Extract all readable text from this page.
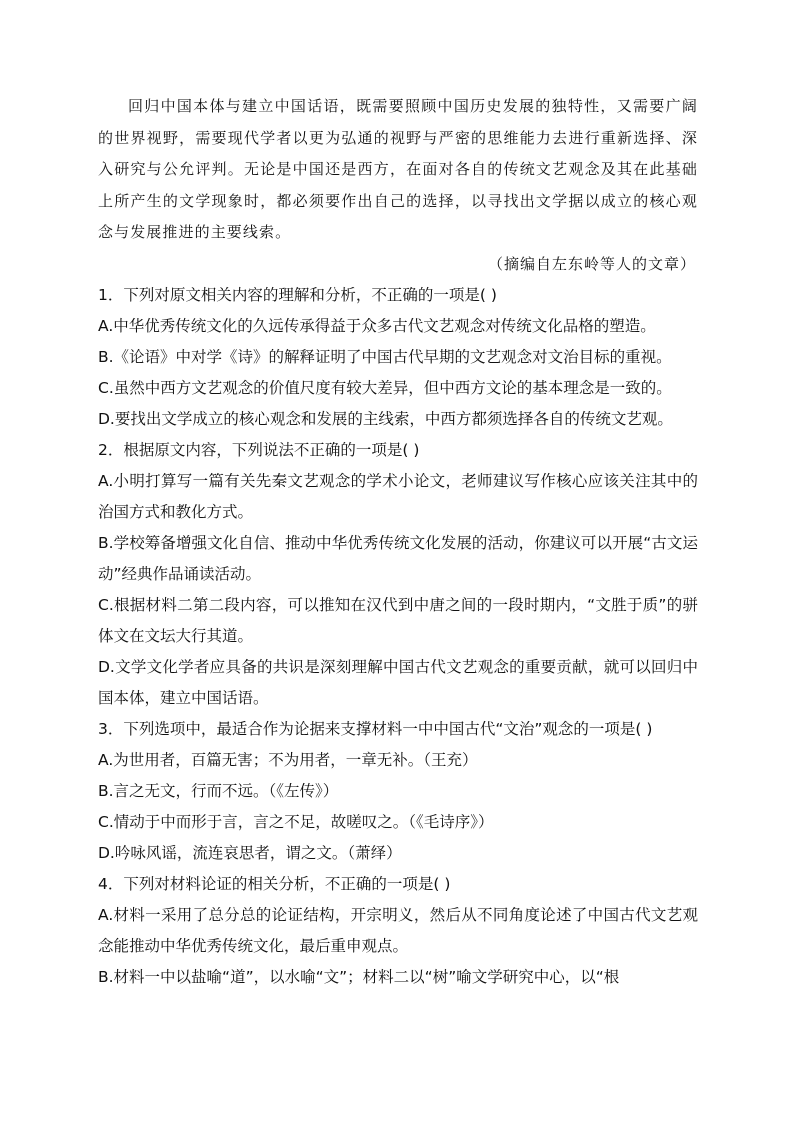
回归中国本体与建立中国话语，既需要照顾中国历史发展的独特性，又需要广阔的世界视野，需要现代学者以更为弘通的视野与严密的思维能力去进行重新选择、深入研究与公允评判。无论是中国还是西方，在面对各自的传统文艺观念及其在此基础上所产生的文学现象时，都必须要作出自己的选择，以寻找出文学据以成立的核心观念与发展推进的主要线索。

（摘编自左东岭等人的文章）
1．下列对原文相关内容的理解和分析，不正确的一项是( )
A.中华优秀传统文化的久远传承得益于众多古代文艺观念对传统文化品格的塑造。
B.《论语》中对学《诗》的解释证明了中国古代早期的文艺观念对文治目标的重视。
C.虽然中西方文艺观念的价值尺度有较大差异，但中西方文论的基本理念是一致的。
D.要找出文学成立的核心观念和发展的主线索，中西方都须选择各自的传统文艺观。
2．根据原文内容，下列说法不正确的一项是( )
A.小明打算写一篇有关先秦文艺观念的学术小论文，老师建议写作核心应该关注其中的治国方式和教化方式。
B.学校筹备增强文化自信、推动中华优秀传统文化发展的活动，你建议可以开展“古文运动”经典作品诵读活动。
C.根据材料二第二段内容，可以推知在汉代到中唐之间的一段时期内，“文胜于质”的骈体文在文坛大行其道。
D.文学文化学者应具备的共识是深刻理解中国古代文艺观念的重要贡献，就可以回归中国本体，建立中国话语。
3．下列选项中，最适合作为论据来支撑材料一中中国古代“文治”观念的一项是( )
A.为世用者，百篇无害；不为用者，一章无补。（王充）
B.言之无文，行而不远。（《左传》）
C.情动于中而形于言，言之不足，故嗟叹之。（《毛诗序》）
D.吟咏风谣，流连哀思者，谓之文。（萧绎）
4．下列对材料论证的相关分析，不正确的一项是( )
A.材料一采用了总分总的论证结构，开宗明义，然后从不同角度论述了中国古代文艺观念能推动中华优秀传统文化，最后重申观点。
B.材料一中以盐喻“道”，以水喻“文”；材料二以“树”喻文学研究中心，以“根
